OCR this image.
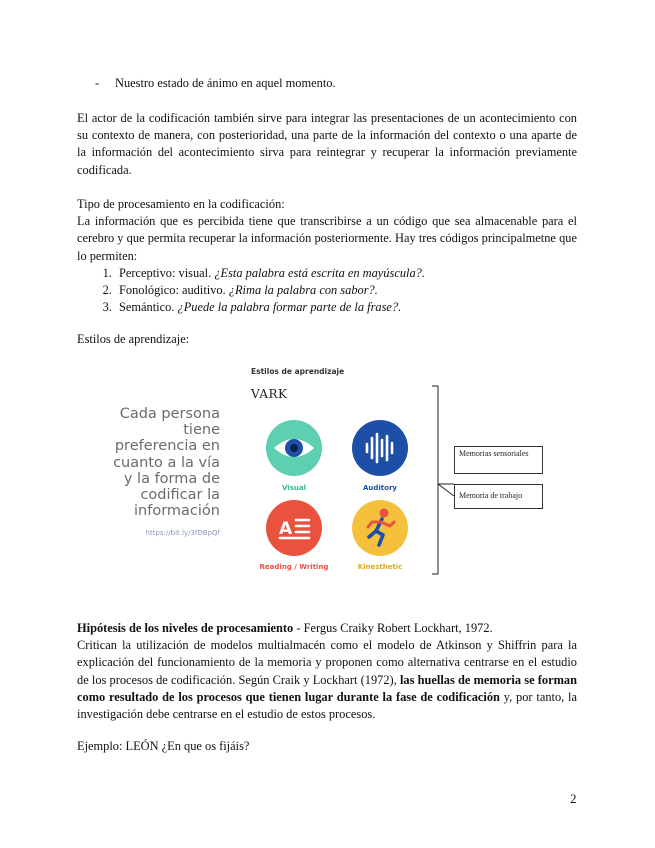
- Nuestro estado de ánimo en aquel momento.

El actor de la codificación también sirve para integrar las presentaciones de un acontecimiento con su contexto de manera, con posterioridad, una parte de la información del contexto o una aparte de la información del acontecimiento sirva para reintegrar y recuperar la información previamente codificada.

Tipo de procesamiento en la codificación:
La información que es percibida tiene que transcribirse a un código que sea almacenable para el cerebro y que permita recuperar la información posteriormente. Hay tres códigos principalmetne que lo permiten:
1. Perceptivo: visual. ¿Esta palabra está escrita en mayúscula?.
2. Fonológico: auditivo. ¿Rima la palabra con sabor?.
3. Semántico. ¿Puede la palabra formar parte de la frase?.
Estilos de aprendizaje:
Estilos de aprendizaje
VARK
Cada persona tiene preferencia en cuanto a la vía y la forma de codificar la información
https://bit.ly/3fDBpQf	A
Visual	Auditory
Reading / Writing	Kinesthetic
Memorias sensoriales
Memoria de trabajo
Hipótesis de los niveles de procesamiento - Fergus Craiky Robert Lockhart, 1972.
Critican la utilización de modelos multialmacén como el modelo de Atkinson y Shiffrin para la explicación del funcionamiento de la memoria y proponen como alternativa centrarse en el estudio de los procesos de codificación. Según Craik y Lockhart (1972), las huellas de memoria se forman como resultado de los procesos que tienen lugar durante la fase de codificación y, por tanto, la investigación debe centrarse en el estudio de estos procesos.
Ejemplo: LEÓN ¿En que os fijáis?
2
